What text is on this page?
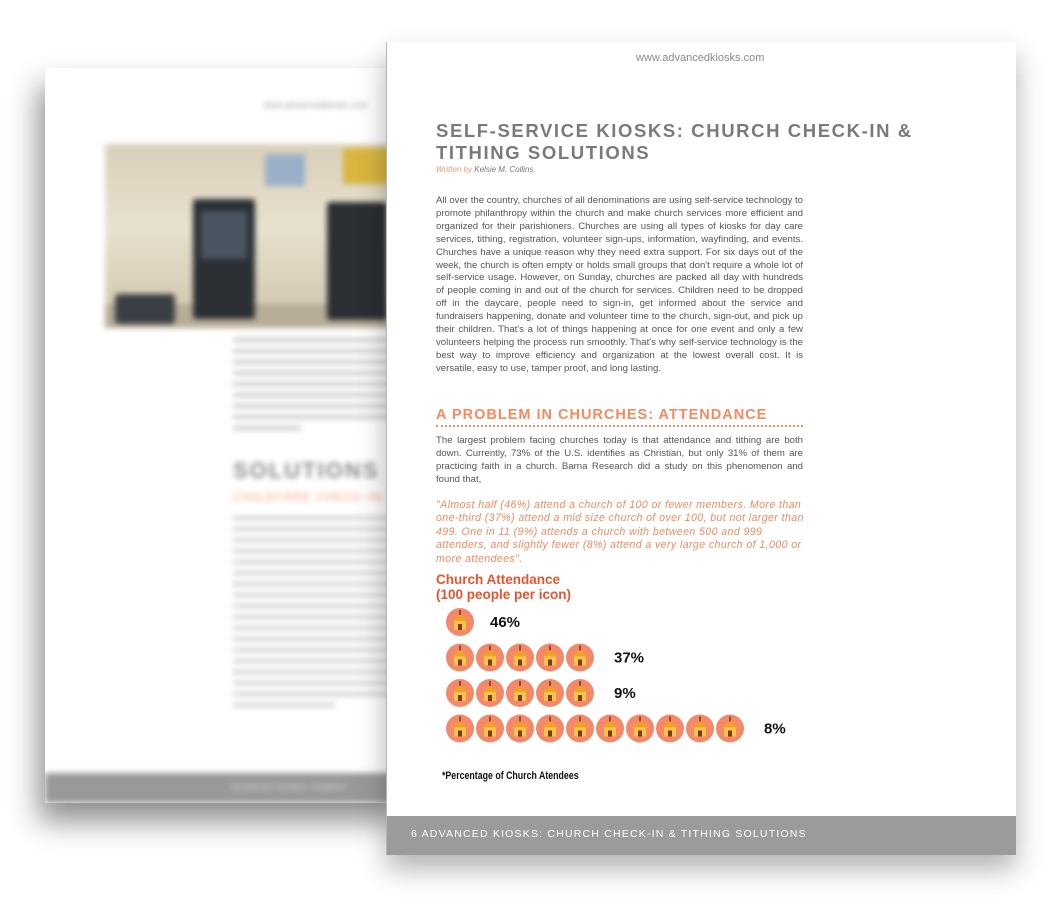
www.advancedkiosks.com
SOLUTIONS
CHILDCARE CHECK-IN
ADVANCED KIOSKS: CHURCH
www.advancedkiosks.com
SELF-SERVICE KIOSKS: CHURCH CHECK-IN & TITHING SOLUTIONS
Written by Kelsie M. Collins

All over the country, churches of all denominations are using self-service technology to promote philanthropy within the church and make church services more efficient and organized for their parishioners. Churches are using all types of kiosks for day care services, tithing, registration, volunteer sign-ups, information, wayfinding, and events. Churches have a unique reason why they need extra support. For six days out of the week, the church is often empty or holds small groups that don't require a whole lot of self-service usage. However, on Sunday, churches are packed all day with hundreds of people coming in and out of the church for services. Children need to be dropped off in the daycare, people need to sign-in, get informed about the service and fundraisers happening, donate and volunteer time to the church, sign-out, and pick up their children. That's a lot of things happening at once for one event and only a few volunteers helping the process run smoothly. That's why self-service technology is the best way to improve efficiency and organization at the lowest overall cost. It is versatile, easy to use, tamper proof, and long lasting.

A PROBLEM IN CHURCHES: ATTENDANCE

The largest problem facing churches today is that attendance and tithing are both down. Currently, 73% of the U.S. identifies as Christian, but only 31% of them are practicing faith in a church. Barna Research did a study on this phenomenon and found that,

"Almost half (46%) attend a church of 100 or fewer members. More than one-third (37%) attend a mid size church of over 100, but not larger than 499. One in 11 (9%) attends a church with between 500 and 999 attenders, and slightly fewer (8%) attend a very large church of 1,000 or more attendees".

Church Attendance
(100 people per icon)
46%
37%
9%
8%
*Percentage of Church Atendees
6 ADVANCED KIOSKS: CHURCH CHECK-IN & TITHING SOLUTIONS
